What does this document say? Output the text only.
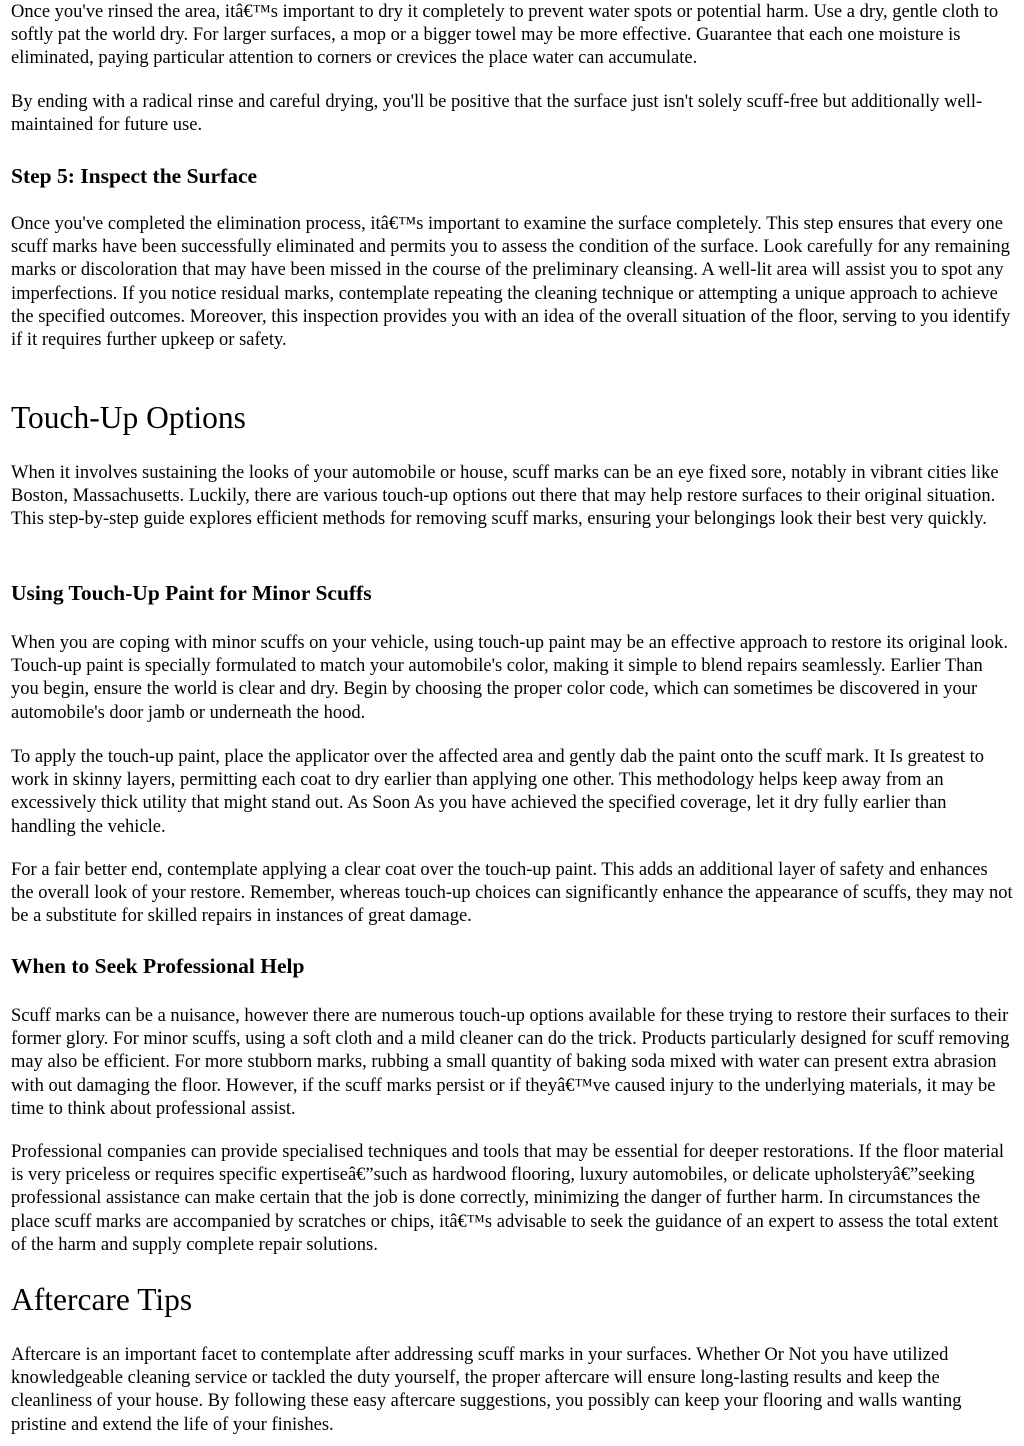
Once you've rinsed the area, itâ€™s important to dry it completely to prevent water spots or potential harm. Use a dry, gentle cloth to softly pat the world dry. For larger surfaces, a mop or a bigger towel may be more effective. Guarantee that each one moisture is eliminated, paying particular attention to corners or crevices the place water can accumulate.

By ending with a radical rinse and careful drying, you'll be positive that the surface just isn't solely scuff-free but additionally well-maintained for future use.

Step 5: Inspect the Surface

Once you've completed the elimination process, itâ€™s important to examine the surface completely. This step ensures that every one scuff marks have been successfully eliminated and permits you to assess the condition of the surface. Look carefully for any remaining marks or discoloration that may have been missed in the course of the preliminary cleansing. A well-lit area will assist you to spot any imperfections. If you notice residual marks, contemplate repeating the cleaning technique or attempting a unique approach to achieve the specified outcomes. Moreover, this inspection provides you with an idea of the overall situation of the floor, serving to you identify if it requires further upkeep or safety.

Touch-Up Options

When it involves sustaining the looks of your automobile or house, scuff marks can be an eye fixed sore, notably in vibrant cities like Boston, Massachusetts. Luckily, there are various touch-up options out there that may help restore surfaces to their original situation. This step-by-step guide explores efficient methods for removing scuff marks, ensuring your belongings look their best very quickly.

Using Touch-Up Paint for Minor Scuffs

When you are coping with minor scuffs on your vehicle, using touch-up paint may be an effective approach to restore its original look. Touch-up paint is specially formulated to match your automobile's color, making it simple to blend repairs seamlessly. Earlier Than you begin, ensure the world is clear and dry. Begin by choosing the proper color code, which can sometimes be discovered in your automobile's door jamb or underneath the hood.

To apply the touch-up paint, place the applicator over the affected area and gently dab the paint onto the scuff mark. It Is greatest to work in skinny layers, permitting each coat to dry earlier than applying one other. This methodology helps keep away from an excessively thick utility that might stand out. As Soon As you have achieved the specified coverage, let it dry fully earlier than handling the vehicle.

For a fair better end, contemplate applying a clear coat over the touch-up paint. This adds an additional layer of safety and enhances the overall look of your restore. Remember, whereas touch-up choices can significantly enhance the appearance of scuffs, they may not be a substitute for skilled repairs in instances of great damage.

When to Seek Professional Help

Scuff marks can be a nuisance, however there are numerous touch-up options available for these trying to restore their surfaces to their former glory. For minor scuffs, using a soft cloth and a mild cleaner can do the trick. Products particularly designed for scuff removing may also be efficient. For more stubborn marks, rubbing a small quantity of baking soda mixed with water can present extra abrasion with out damaging the floor. However, if the scuff marks persist or if theyâ€™ve caused injury to the underlying materials, it may be time to think about professional assist.

Professional companies can provide specialised techniques and tools that may be essential for deeper restorations. If the floor material is very priceless or requires specific expertiseâ€”such as hardwood flooring, luxury automobiles, or delicate upholsteryâ€”seeking professional assistance can make certain that the job is done correctly, minimizing the danger of further harm. In circumstances the place scuff marks are accompanied by scratches or chips, itâ€™s advisable to seek the guidance of an expert to assess the total extent of the harm and supply complete repair solutions.

Aftercare Tips

Aftercare is an important facet to contemplate after addressing scuff marks in your surfaces. Whether Or Not you have utilized knowledgeable cleaning service or tackled the duty yourself, the proper aftercare will ensure long-lasting results and keep the cleanliness of your house. By following these easy aftercare suggestions, you possibly can keep your flooring and walls wanting pristine and extend the life of your finishes.
